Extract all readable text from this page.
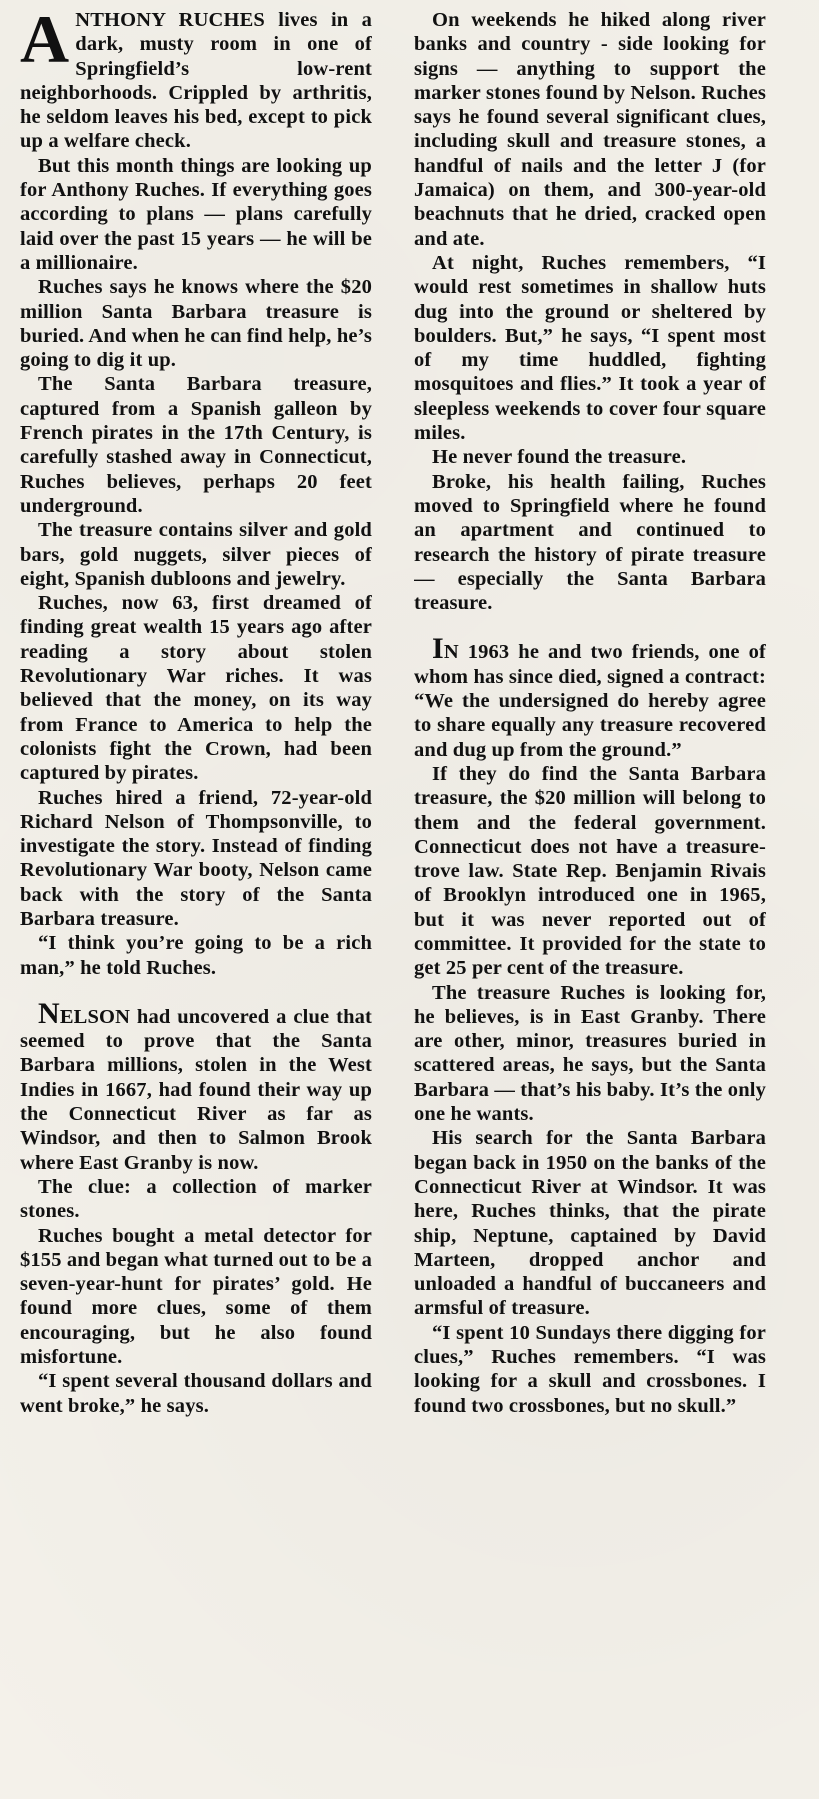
ANTHONY RUCHES lives in a dark, musty room in one of Springfield’s low-rent neighborhoods. Crippled by arthritis, he seldom leaves his bed, except to pick up a welfare check.

But this month things are looking up for Anthony Ruches. If everything goes according to plans — plans carefully laid over the past 15 years — he will be a millionaire.

Ruches says he knows where the $20 million Santa Barbara treasure is buried. And when he can find help, he’s going to dig it up.

The Santa Barbara treasure, captured from a Spanish galleon by French pirates in the 17th Century, is carefully stashed away in Connecticut, Ruches believes, perhaps 20 feet underground.

The treasure contains silver and gold bars, gold nuggets, silver pieces of eight, Spanish dubloons and jewelry.

Ruches, now 63, first dreamed of finding great wealth 15 years ago after reading a story about stolen Revolutionary War riches. It was believed that the money, on its way from France to America to help the colonists fight the Crown, had been captured by pirates.

Ruches hired a friend, 72-year-old Richard Nelson of Thompsonville, to investigate the story. Instead of finding Revolutionary War booty, Nelson came back with the story of the Santa Barbara treasure.

“I think you’re going to be a rich man,” he told Ruches.

NELSON had uncovered a clue that seemed to prove that the Santa Barbara millions, stolen in the West Indies in 1667, had found their way up the Connecticut River as far as Windsor, and then to Salmon Brook where East Granby is now.

The clue: a collection of marker stones.

Ruches bought a metal detector for $155 and began what turned out to be a seven-year-hunt for pirates’ gold. He found more clues, some of them encouraging, but he also found misfortune.

“I spent several thousand dollars and went broke,” he says.

On weekends he hiked along river banks and country - side looking for signs — anything to support the marker stones found by Nelson. Ruches says he found several significant clues, including skull and treasure stones, a handful of nails and the letter J (for Jamaica) on them, and 300-year-old beachnuts that he dried, cracked open and ate.

At night, Ruches remembers, “I would rest sometimes in shallow huts dug into the ground or sheltered by boulders. But,” he says, “I spent most of my time huddled, fighting mosquitoes and flies.” It took a year of sleepless weekends to cover four square miles.

He never found the treasure.

Broke, his health failing, Ruches moved to Springfield where he found an apartment and continued to research the history of pirate treasure — especially the Santa Barbara treasure.

IN 1963 he and two friends, one of whom has since died, signed a contract: “We the undersigned do hereby agree to share equally any treasure recovered and dug up from the ground.”

If they do find the Santa Barbara treasure, the $20 million will belong to them and the federal government. Connecticut does not have a treasure-trove law. State Rep. Benjamin Rivais of Brooklyn introduced one in 1965, but it was never reported out of committee. It provided for the state to get 25 per cent of the treasure.

The treasure Ruches is looking for, he believes, is in East Granby. There are other, minor, treasures buried in scattered areas, he says, but the Santa Barbara — that’s his baby. It’s the only one he wants.

His search for the Santa Barbara began back in 1950 on the banks of the Connecticut River at Windsor. It was here, Ruches thinks, that the pirate ship, Neptune, captained by David Marteen, dropped anchor and unloaded a handful of buccaneers and armsful of treasure.

“I spent 10 Sundays there digging for clues,” Ruches remembers. “I was looking for a skull and crossbones. I found two crossbones, but no skull.”
